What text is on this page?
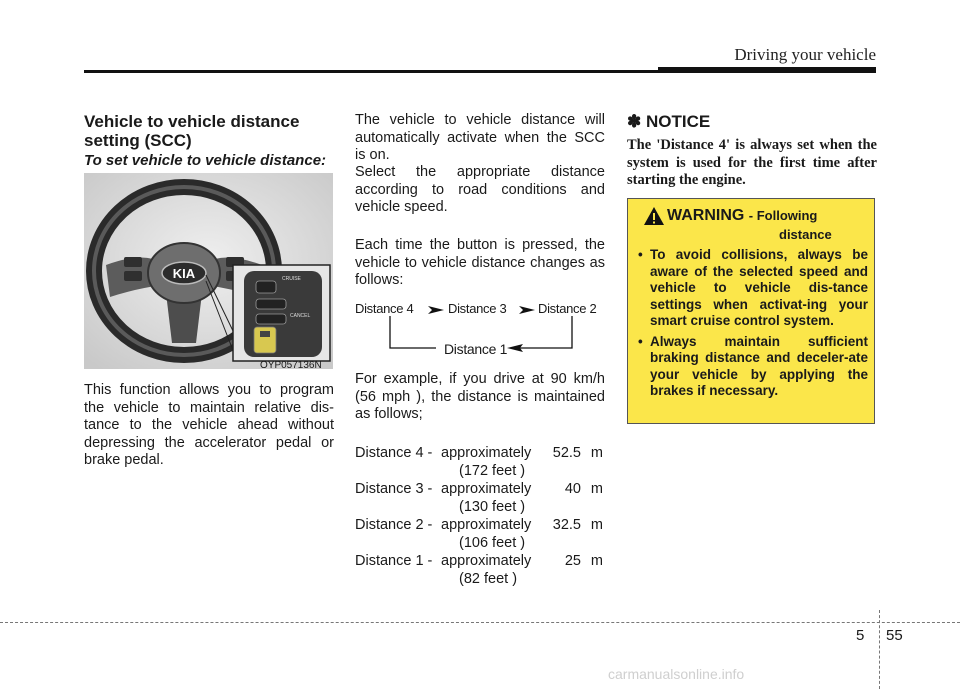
Driving your vehicle
Vehicle to vehicle distance setting (SCC)
To set vehicle to vehicle distance:
KIA	CRUISE
CANCEL
OYP057136N
This function allows you to program the vehicle to maintain relative dis-tance to the vehicle ahead without depressing the accelerator pedal or brake pedal.
The vehicle to vehicle distance will automatically activate when the SCC is on.
Select the appropriate distance according to road conditions and vehicle speed.
Each time the button is pressed, the vehicle to vehicle distance changes as follows:
Distance 4	Distance 3 Distance 2
Distance 1
For example, if you drive at 90 km/h (56 mph ), the distance is maintained as follows;
Distance 4 - approximately 52.5 m
(172 feet )
Distance 3 - approximately 40 m
(130 feet )
Distance 2 - approximately 32.5 m
(106 feet )
Distance 1 - approximately 25 m
(82 feet )
✽ NOTICE
The 'Distance 4' is always set when the system is used for the first time after starting the engine.
WARNING - Following
distance
• To avoid collisions, always be aware of the selected speed and vehicle to vehicle dis-tance settings when activat-ing your smart cruise control system.
• Always maintain sufficient braking distance and deceler-ate your vehicle by applying the brakes if necessary.
5 55
carmanualsonline.info
